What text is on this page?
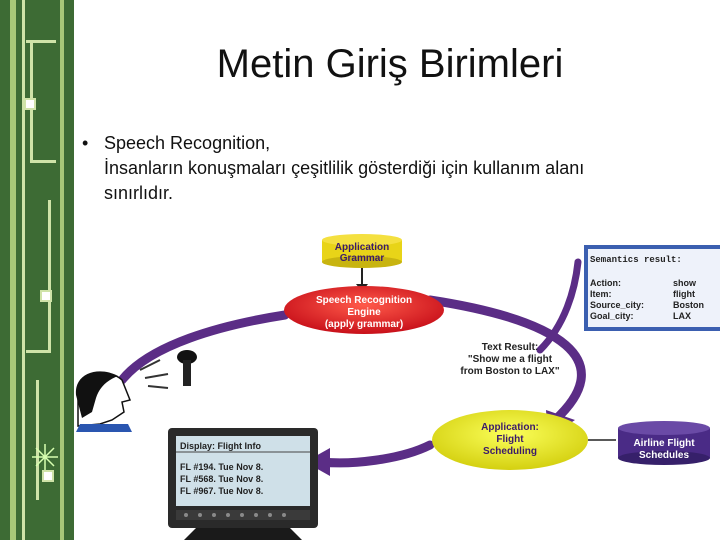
Metin Giriş Birimleri
• Speech Recognition,
İnsanların konuşmaları çeşitlilik gösterdiği için kullanım alanı
sınırlıdır.
Application
Grammar
Speech Recognition
Engine
(apply grammar)
Text Result:
"Show me a flight
from Boston to LAX"
Semantics result:
Action:	show
Item:	flight
Source_city:	Boston
Goal_city:	LAX
Application:
Flight
Scheduling
Airline Flight
Schedules
Display: Flight Info
FL #194. Tue Nov 8.
FL #568. Tue Nov 8.
FL #967. Tue Nov 8.
